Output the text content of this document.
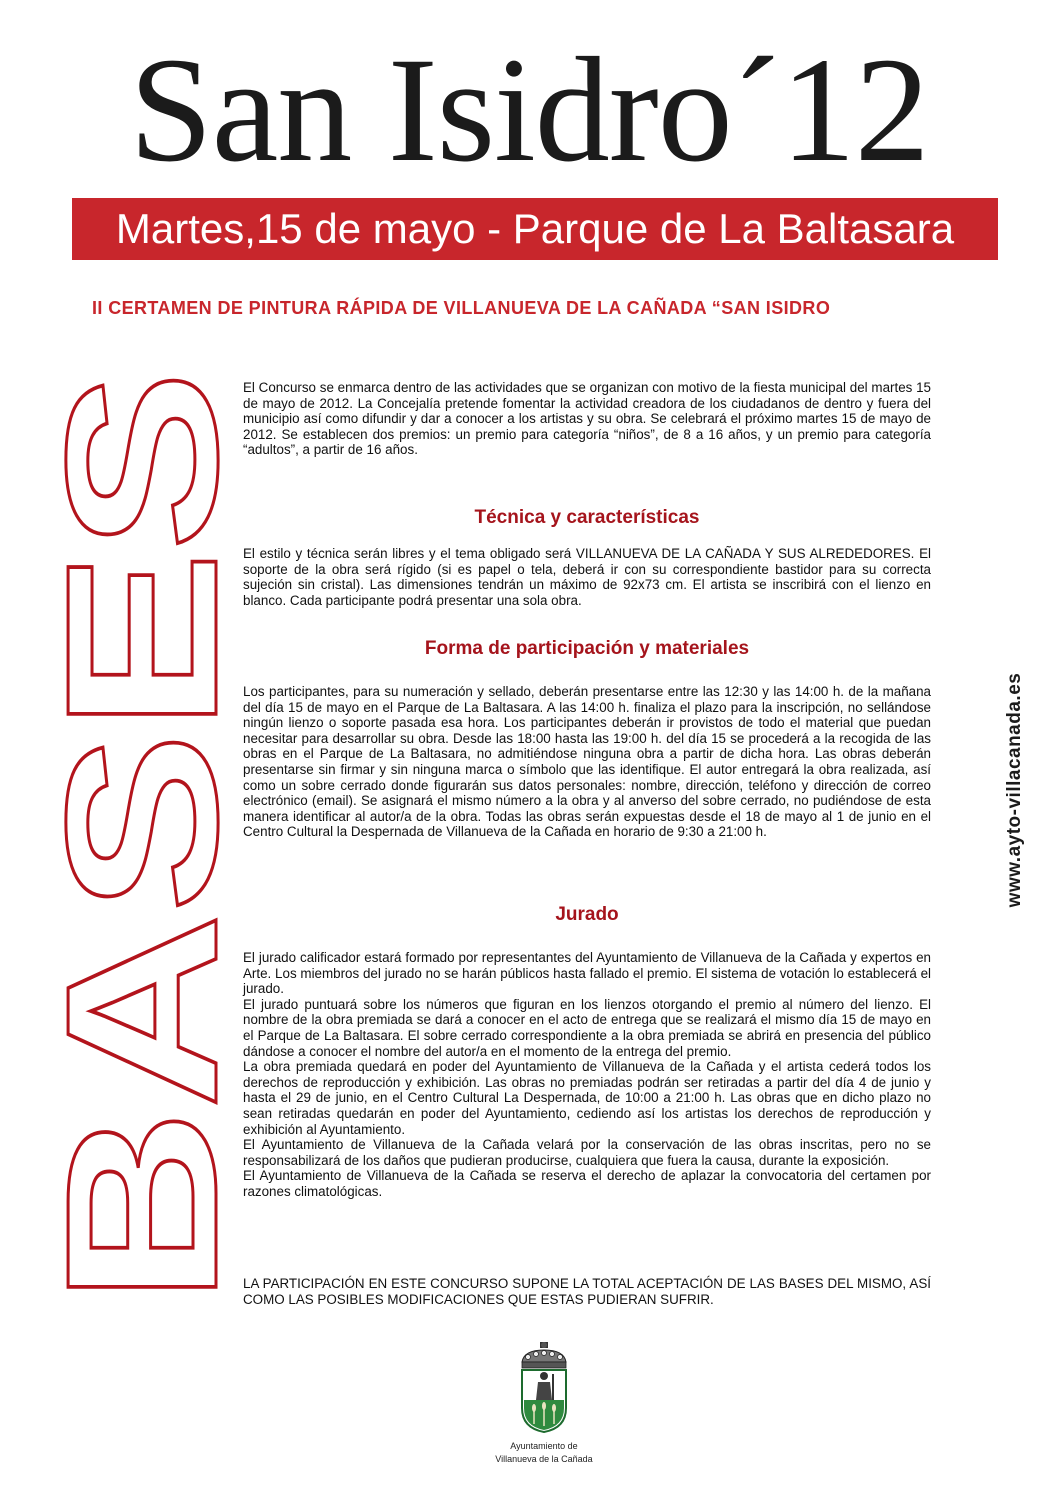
San Isidro´12
Martes,15 de mayo - Parque de La Baltasara
II CERTAMEN DE PINTURA RÁPIDA DE VILLANUEVA DE LA CAÑADA “SAN ISIDRO
BASES

El Concurso se enmarca dentro de las actividades que se organizan con motivo de la fiesta municipal del martes 15 de mayo de 2012. La Concejalía pretende fomentar la actividad creadora de los ciudadanos de dentro y fuera del municipio así como difundir y dar a conocer a los artistas y su obra. Se celebrará el próximo martes 15 de mayo de 2012. Se establecen dos premios: un premio para categoría “niños”, de 8 a 16 años, y un premio para categoría “adultos”, a partir de 16 años.

Técnica y características

El estilo y técnica serán libres y el tema obligado será VILLANUEVA DE LA CAÑADA Y SUS ALREDEDORES. El soporte de la obra será rígido (si es papel o tela, deberá ir con su correspondiente bastidor para su correcta sujeción sin cristal). Las dimensiones tendrán un máximo de 92x73 cm. El artista se inscribirá con el lienzo en blanco. Cada participante podrá presentar una sola obra.

Forma de participación y materiales

Los participantes, para su numeración y sellado, deberán presentarse entre las 12:30 y las 14:00 h. de la mañana del día 15 de mayo en el Parque de La Baltasara. A las 14:00 h. finaliza el plazo para la inscripción, no sellándose ningún lienzo o soporte pasada esa hora. Los participantes deberán ir provistos de todo el material que puedan necesitar para desarrollar su obra. Desde las 18:00 hasta las 19:00 h. del día 15 se procederá a la recogida de las obras en el Parque de La Baltasara, no admitiéndose ninguna obra a partir de dicha hora. Las obras deberán presentarse sin firmar y sin ninguna marca o símbolo que las identifique. El autor entregará la obra realizada, así como un sobre cerrado donde figurarán sus datos personales: nombre, dirección, teléfono y dirección de correo electrónico (email). Se asignará el mismo número a la obra y al anverso del sobre cerrado, no pudiéndose de esta manera identificar al autor/a de la obra. Todas las obras serán expuestas desde el 18 de mayo al 1 de junio en el Centro Cultural la Despernada de Villanueva de la Cañada en horario de 9:30 a 21:00 h.

Jurado

El jurado calificador estará formado por representantes del Ayuntamiento de Villanueva de la Cañada y expertos en Arte. Los miembros del jurado no se harán públicos hasta fallado el premio. El sistema de votación lo establecerá el jurado.

El jurado puntuará sobre los números que figuran en los lienzos otorgando el premio al número del lienzo. El nombre de la obra premiada se dará a conocer en el acto de entrega que se realizará el mismo día 15 de mayo en el Parque de La Baltasara. El sobre cerrado correspondiente a la obra premiada se abrirá en presencia del público dándose a conocer el nombre del autor/a en el momento de la entrega del premio.

La obra premiada quedará en poder del Ayuntamiento de Villanueva de la Cañada y el artista cederá todos los derechos de reproducción y exhibición. Las obras no premiadas podrán ser retiradas a partir del día 4 de junio y hasta el 29 de junio, en el Centro Cultural La Despernada, de 10:00 a 21:00 h. Las obras que en dicho plazo no sean retiradas quedarán en poder del Ayuntamiento, cediendo así los artistas los derechos de reproducción y exhibición al Ayuntamiento.

El Ayuntamiento de Villanueva de la Cañada velará por la conservación de las obras inscritas, pero no se responsabilizará de los daños que pudieran producirse, cualquiera que fuera la causa, durante la exposición.

El Ayuntamiento de Villanueva de la Cañada se reserva el derecho de aplazar la convocatoria del certamen por razones climatológicas.

LA PARTICIPACIÓN EN ESTE CONCURSO SUPONE LA TOTAL ACEPTACIÓN DE LAS BASES DEL MISMO, ASÍ COMO LAS POSIBLES MODIFICACIONES QUE ESTAS PUDIERAN SUFRIR.

www.ayto-villacanada.es
Ayuntamiento de
Villanueva de la Cañada
